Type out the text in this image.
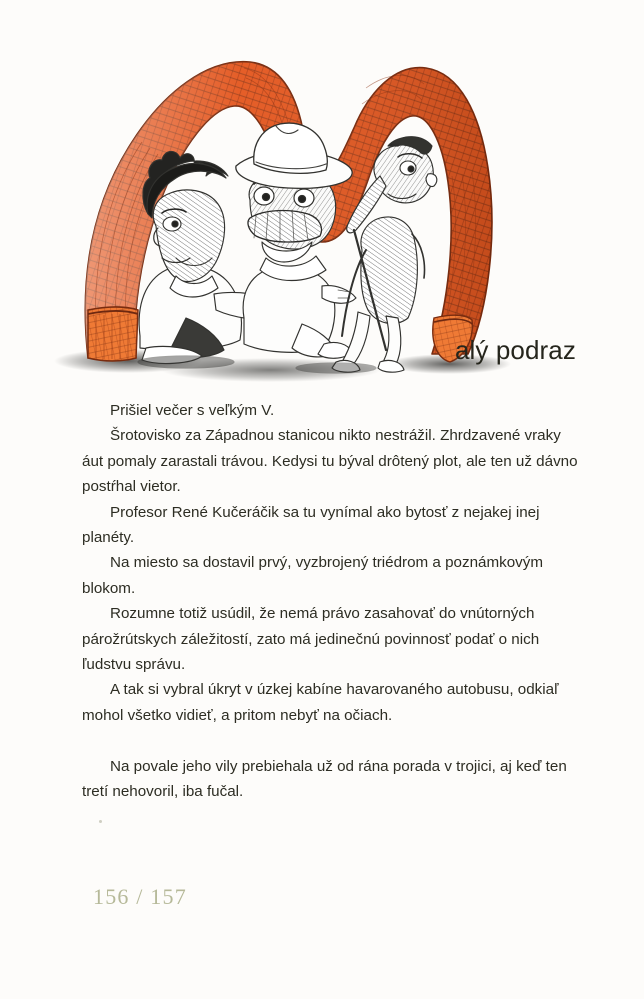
alý podraz

Prišiel večer s veľkým V.

Šrotovisko za Západnou stanicou nikto nestrážil. Zhrdzavené vraky áut pomaly zarastali trávou. Kedysi tu býval drôtený plot, ale ten už dávno postŕhal vietor.

Profesor René Kučeráčik sa tu vynímal ako bytosť z nejakej inej planéty.

Na miesto sa dostavil prvý, vyzbrojený triédrom a poznámkovým blokom.

Rozumne totiž usúdil, že nemá právo zasahovať do vnútorných párožrútskych záležitostí, zato má jedinečnú povinnosť podať o nich ľudstvu správu.

A tak si vybral úkryt v úzkej kabíne havarovaného autobusu, odkiaľ mohol všetko vidieť, a pritom nebyť na očiach.

Na povale jeho vily prebiehala už od rána porada v trojici, aj keď ten tretí nehovoril, iba fučal.

156 / 157
